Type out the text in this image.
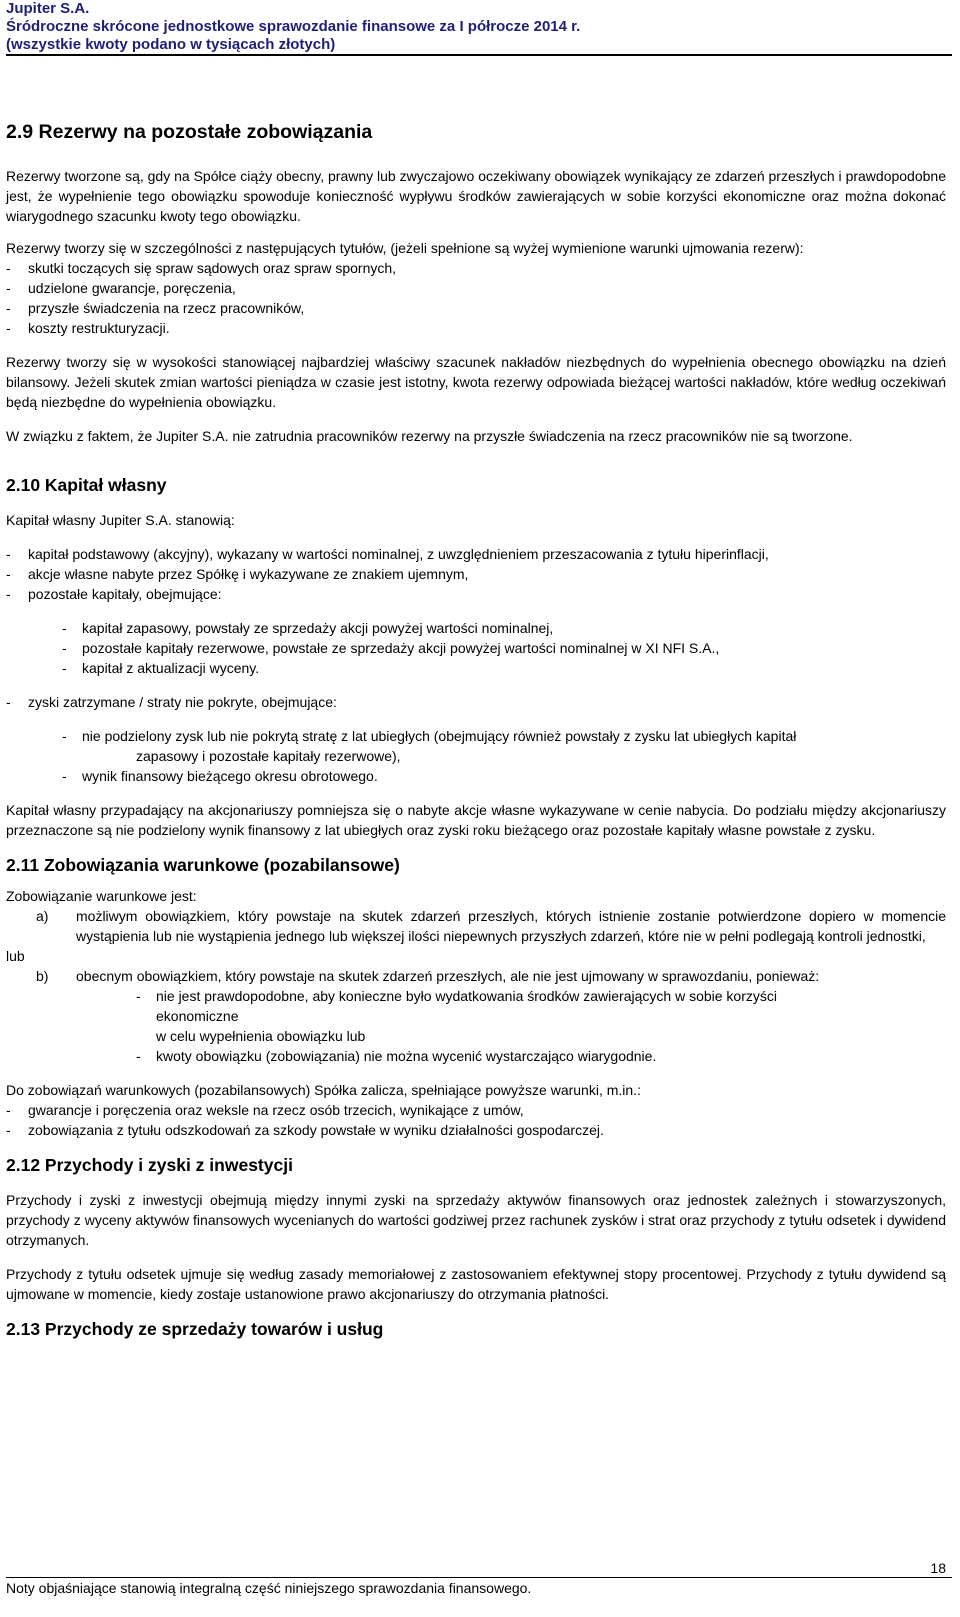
Jupiter S.A.
Śródroczne skrócone jednostkowe sprawozdanie finansowe za I półrocze 2014 r.
(wszystkie kwoty podano w tysiącach złotych)
2.9 Rezerwy na pozostałe zobowiązania

Rezerwy tworzone są, gdy na Spółce ciąży obecny, prawny lub zwyczajowo oczekiwany obowiązek wynikający ze zdarzeń przeszłych i prawdopodobne jest, że wypełnienie tego obowiązku spowoduje konieczność wypływu środków zawierających w sobie korzyści ekonomiczne oraz można dokonać wiarygodnego szacunku kwoty tego obowiązku.

Rezerwy tworzy się w szczególności z następujących tytułów, (jeżeli spełnione są wyżej wymienione warunki ujmowania rezerw):

- skutki toczących się spraw sądowych oraz spraw spornych,
- udzielone gwarancje, poręczenia,
- przyszłe świadczenia na rzecz pracowników,
- koszty restrukturyzacji.

Rezerwy tworzy się w wysokości stanowiącej najbardziej właściwy szacunek nakładów niezbędnych do wypełnienia obecnego obowiązku na dzień bilansowy. Jeżeli skutek zmian wartości pieniądza w czasie jest istotny, kwota rezerwy odpowiada bieżącej wartości nakładów, które według oczekiwań będą niezbędne do wypełnienia obowiązku.

W związku z faktem, że Jupiter S.A. nie zatrudnia pracowników rezerwy na przyszłe świadczenia na rzecz pracowników nie są tworzone.

2.10 Kapitał własny

Kapitał własny Jupiter S.A. stanowią:

- kapitał podstawowy (akcyjny), wykazany w wartości nominalnej, z uwzględnieniem przeszacowania z tytułu hiperinflacji,
- akcje własne nabyte przez Spółkę i wykazywane ze znakiem ujemnym,
- pozostałe kapitały, obejmujące:
- kapitał zapasowy, powstały ze sprzedaży akcji powyżej wartości nominalnej,
- pozostałe kapitały rezerwowe, powstałe ze sprzedaży akcji powyżej wartości nominalnej w XI NFI S.A.,
- kapitał z aktualizacji wyceny.
- zyski zatrzymane / straty nie pokryte, obejmujące:
- nie podzielony zysk lub nie pokrytą stratę z lat ubiegłych (obejmujący również powstały z zysku lat ubiegłych kapitał
zapasowy i pozostałe kapitały rezerwowe),
- wynik finansowy bieżącego okresu obrotowego.

Kapitał własny przypadający na akcjonariuszy pomniejsza się o nabyte akcje własne wykazywane w cenie nabycia. Do podziału między akcjonariuszy przeznaczone są nie podzielony wynik finansowy z lat ubiegłych oraz zyski roku bieżącego oraz pozostałe kapitały własne powstałe z zysku.

2.11 Zobowiązania warunkowe (pozabilansowe)

Zobowiązanie warunkowe jest:

a) możliwym obowiązkiem, który powstaje na skutek zdarzeń przeszłych, których istnienie zostanie potwierdzone dopiero w momencie wystąpienia lub nie wystąpienia jednego lub większej ilości niepewnych przyszłych zdarzeń, które nie w pełni podlegają kontroli jednostki,
lub
b) obecnym obowiązkiem, który powstaje na skutek zdarzeń przeszłych, ale nie jest ujmowany w sprawozdaniu, ponieważ:
- nie jest prawdopodobne, aby konieczne było wydatkowania środków zawierających w sobie korzyści
ekonomiczne
w celu wypełnienia obowiązku lub
- kwoty obowiązku (zobowiązania) nie można wycenić wystarczająco wiarygodnie.

Do zobowiązań warunkowych (pozabilansowych) Spółka zalicza, spełniające powyższe warunki, m.in.:

- gwarancje i poręczenia oraz weksle na rzecz osób trzecich, wynikające z umów,
- zobowiązania z tytułu odszkodowań za szkody powstałe w wyniku działalności gospodarczej.
2.12 Przychody i zyski z inwestycji

Przychody i zyski z inwestycji obejmują między innymi zyski na sprzedaży aktywów finansowych oraz jednostek zależnych i stowarzyszonych, przychody z wyceny aktywów finansowych wycenianych do wartości godziwej przez rachunek zysków i strat oraz przychody z tytułu odsetek i dywidend otrzymanych.

Przychody z tytułu odsetek ujmuje się według zasady memoriałowej z zastosowaniem efektywnej stopy procentowej. Przychody z tytułu dywidend są ujmowane w momencie, kiedy zostaje ustanowione prawo akcjonariuszy do otrzymania płatności.

2.13 Przychody ze sprzedaży towarów i usług
18
Noty objaśniające stanowią integralną część niniejszego sprawozdania finansowego.
